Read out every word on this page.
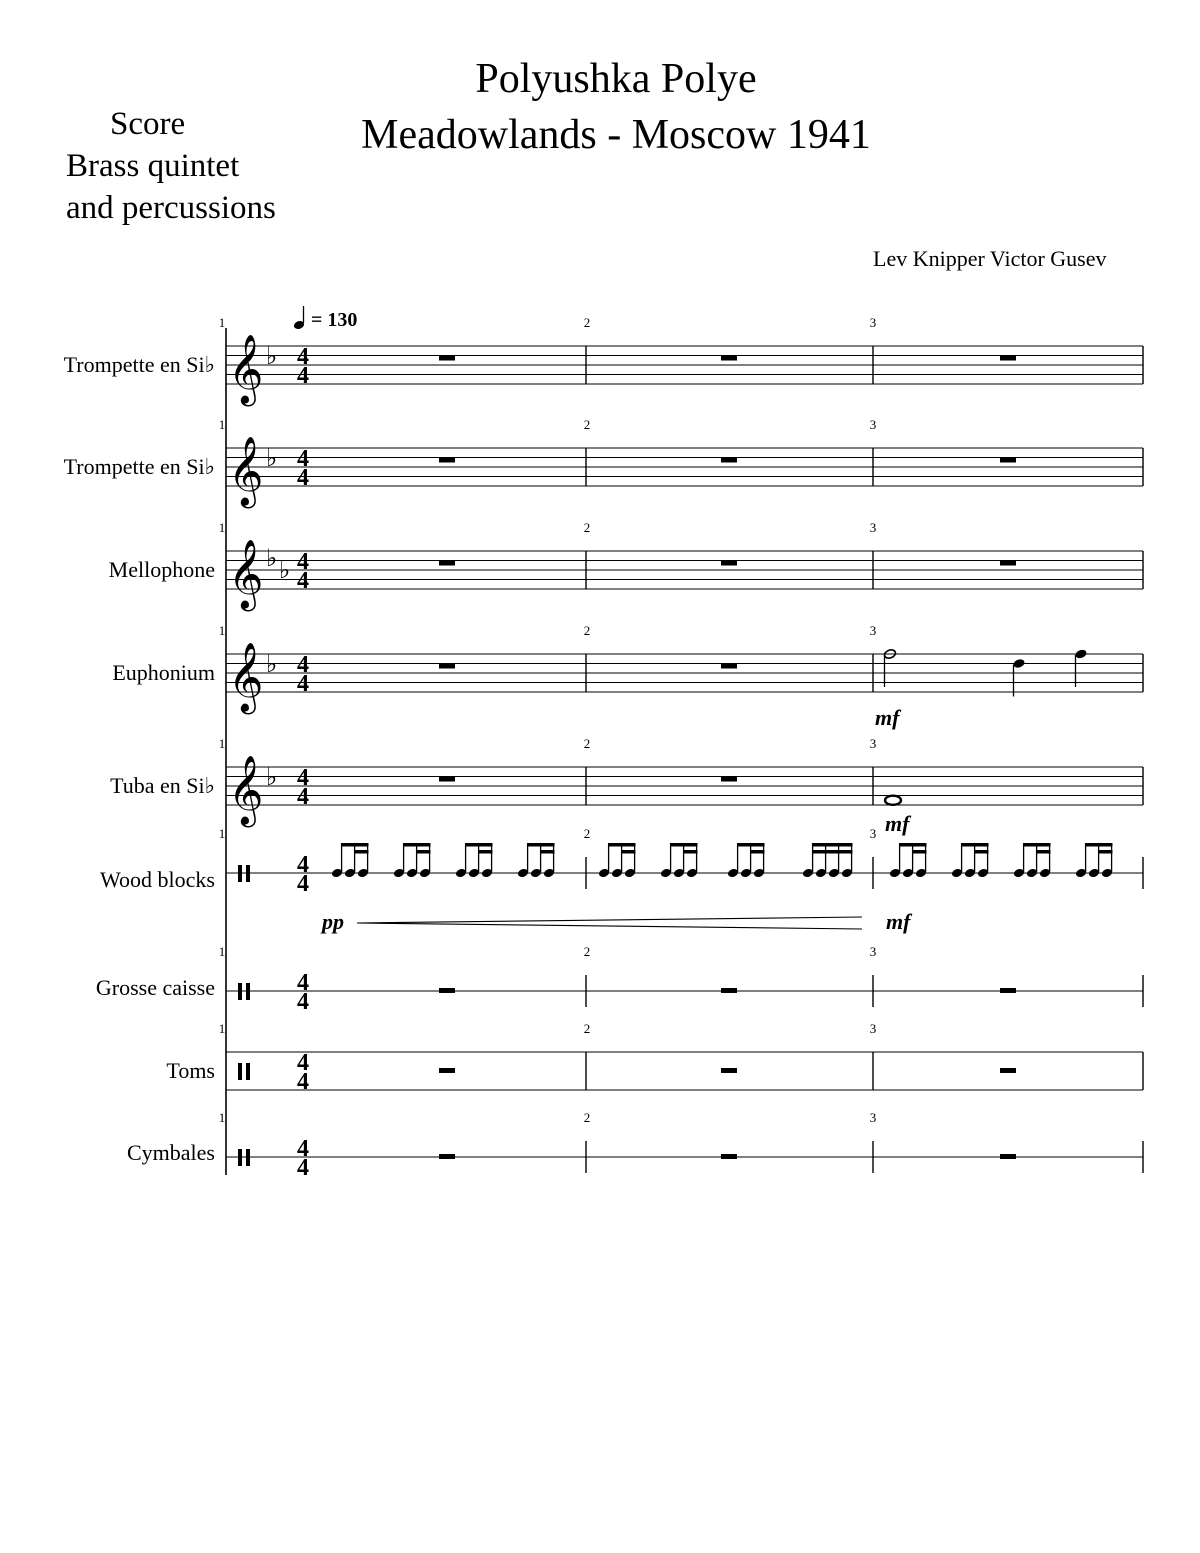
Polyushka Polye
Meadowlands - Moscow 1941
Score
Brass quintet
and percussions
Lev Knipper Victor Gusev
Trompette en Si♭ 𝄞 ♭ 4
4
1	2	3
Trompette en Si♭ 𝄞 ♭ 4
4
1	2	3
Mellophone 𝄞 ♭ ♭ 4
4
1	2	3
Euphonium 𝄞 ♭ 4
4
1	2	3
Tuba en Si♭ 𝄞 ♭ 4
4
1	2	3
Wood blocks
4
4
1	2	3
Grosse caisse	4
4
1	2	3
Toms	4
4
1	2	3
Cymbales	4
4
1	2	3
= 130
mf
mf
pp	mf
